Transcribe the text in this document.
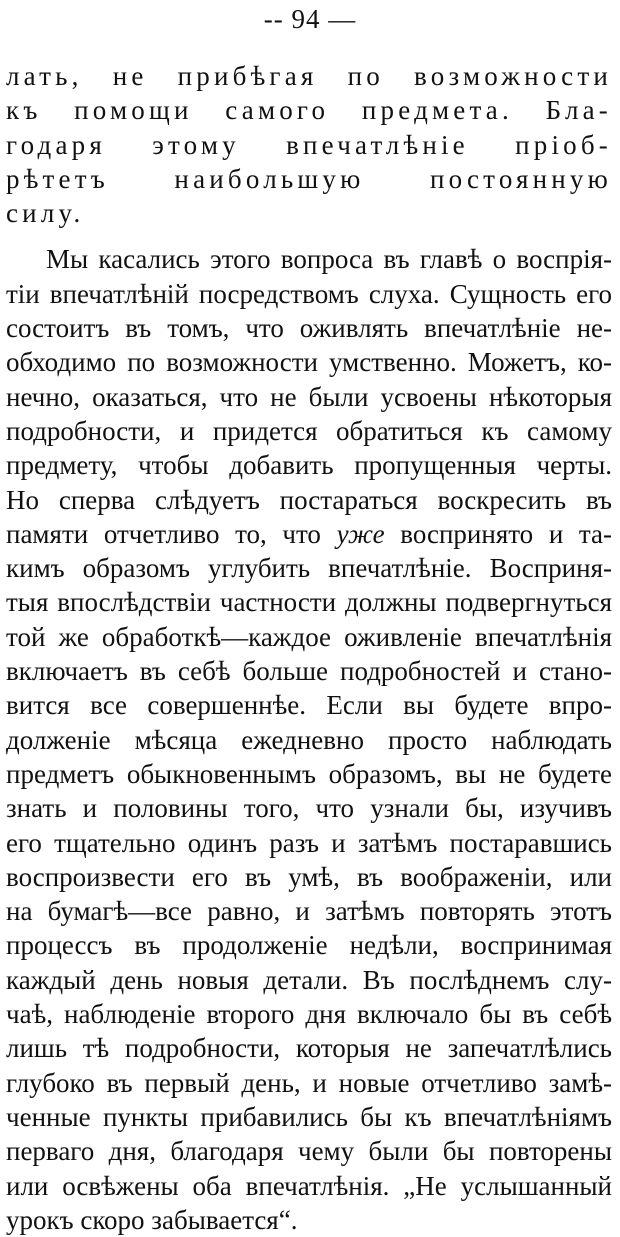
-- 94 —
лать, не прибѣгая по возможности
къ помощи самого предмета. Бла-
годаря этому впечатлѣніе пріоб-
рѣтетъ наибольшую постоянную
силу.
Мы касались этого вопроса въ главѣ о воспрія-
тіи впечатлѣній посредствомъ слуха. Сущность его
состоитъ въ томъ, что оживлять впечатлѣніе не-
обходимо по возможности умственно. Можетъ, ко-
нечно, оказаться, что не были усвоены нѣкоторыя
подробности, и придется обратиться къ самому
предмету, чтобы добавить пропущенныя черты.
Но сперва слѣдуетъ постараться воскресить въ
памяти отчетливо то, что уже воспринято и та-
кимъ образомъ углубить впечатлѣніе. Восприня-
тыя впослѣдствіи частности должны подвергнуться
той же обработкѣ—каждое оживленіе впечатлѣнія
включаетъ въ себѣ больше подробностей и стано-
вится все совершеннѣе. Если вы будете впро-
долженіе мѣсяца ежедневно просто наблюдать
предметъ обыкновеннымъ образомъ, вы не будете
знать и половины того, что узнали бы, изучивъ
его тщательно одинъ разъ и затѣмъ постаравшись
воспроизвести его въ умѣ, въ воображеніи, или
на бумагѣ—все равно, и затѣмъ повторять этотъ
процессъ въ продолженіе недѣли, воспринимая
каждый день новыя детали. Въ послѣднемъ слу-
чаѣ, наблюденіе второго дня включало бы въ себѣ
лишь тѣ подробности, которыя не запечатлѣлись
глубоко въ первый день, и новые отчетливо замѣ-
ченные пункты прибавились бы къ впечатлѣніямъ
перваго дня, благодаря чему были бы повторены
или освѣжены оба впечатлѣнія. „Не услышанный
урокъ скоро забывается“.
